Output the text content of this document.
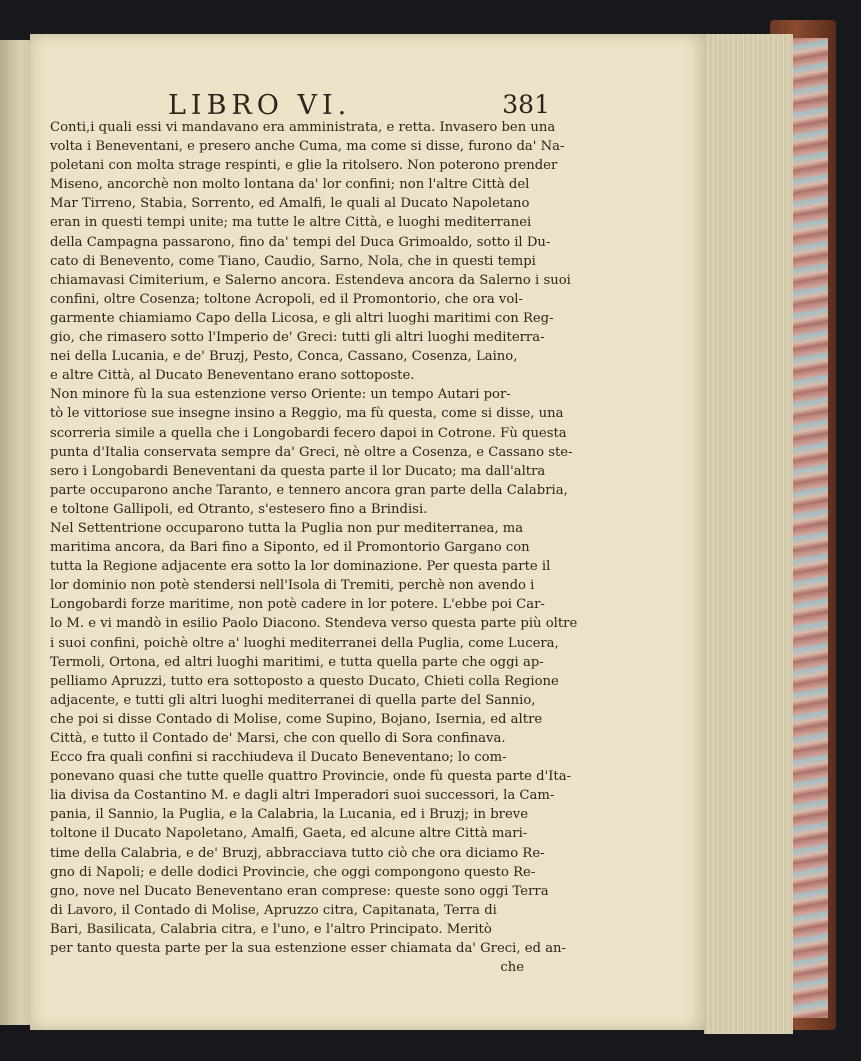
LIBRO VI.	381
Conti,i quali essi vi mandavano era amministrata, e retta. Invasero ben una
volta i Beneventani, e presero anche Cuma, ma come si disse, furono da' Na-
poletani con molta strage respinti, e glie la ritolsero. Non poterono prender
Miseno, ancorchè non molto lontana da' lor confini; non l'altre Città del
Mar Tirreno, Stabia, Sorrento, ed Amalfi, le quali al Ducato Napoletano
eran in questi tempi unite; ma tutte le altre Città, e luoghi mediterranei
della Campagna passarono, fino da' tempi del Duca Grimoaldo, sotto il Du-
cato di Benevento, come Tiano, Caudio, Sarno, Nola, che in questi tempi
chiamavasi Cimiterium, e Salerno ancora. Estendeva ancora da Salerno i suoi
confini, oltre Cosenza; toltone Acropoli, ed il Promontorio, che ora vol-
garmente chiamiamo Capo della Licosa, e gli altri luoghi maritimi con Reg-
gio, che rimasero sotto l'Imperio de' Greci: tutti gli altri luoghi mediterra-
nei della Lucania, e de' Bruzj, Pesto, Conca, Cassano, Cosenza, Laino,
e altre Città, al Ducato Beneventano erano sottoposte.
Non minore fù la sua estenzione verso Oriente: un tempo Autari por-
tò le vittoriose sue insegne insino a Reggio, ma fù questa, come si disse, una
scorreria simile a quella che i Longobardi fecero dapoi in Cotrone. Fù questa
punta d'Italia conservata sempre da' Greci, nè oltre a Cosenza, e Cassano ste-
sero i Longobardi Beneventani da questa parte il lor Ducato; ma dall'altra
parte occuparono anche Taranto, e tennero ancora gran parte della Calabria,
e toltone Gallipoli, ed Otranto, s'estesero fino a Brindisi.
Nel Settentrione occuparono tutta la Puglia non pur mediterranea, ma
maritima ancora, da Bari fino a Siponto, ed il Promontorio Gargano con
tutta la Regione adjacente era sotto la lor dominazione. Per questa parte il
lor dominio non potè stendersi nell'Isola di Tremiti, perchè non avendo i
Longobardi forze maritime, non potè cadere in lor potere. L'ebbe poi Car-
lo M. e vi mandò in esilio Paolo Diacono. Stendeva verso questa parte più oltre
i suoi confini, poichè oltre a' luoghi mediterranei della Puglia, come Lucera,
Termoli, Ortona, ed altri luoghi maritimi, e tutta quella parte che oggi ap-
pelliamo Apruzzi, tutto era sottoposto a questo Ducato, Chieti colla Regione
adjacente, e tutti gli altri luoghi mediterranei di quella parte del Sannio,
che poi si disse Contado di Molise, come Supino, Bojano, Isernia, ed altre
Città, e tutto il Contado de' Marsi, che con quello di Sora confinava.
Ecco fra quali confini si racchiudeva il Ducato Beneventano; lo com-
ponevano quasi che tutte quelle quattro Provincie, onde fù questa parte d'Ita-
lia divisa da Costantino M. e dagli altri Imperadori suoi successori, la Cam-
pania, il Sannio, la Puglia, e la Calabria, la Lucania, ed i Bruzj; in breve
toltone il Ducato Napoletano, Amalfi, Gaeta, ed alcune altre Città mari-
time della Calabria, e de' Bruzj, abbracciava tutto ciò che ora diciamo Re-
gno di Napoli; e delle dodici Provincie, che oggi compongono questo Re-
gno, nove nel Ducato Beneventano eran comprese: queste sono oggi Terra
di Lavoro, il Contado di Molise, Apruzzo citra, Capitanata, Terra di
Bari, Basilicata, Calabria citra, e l'uno, e l'altro Principato. Meritò
per tanto questa parte per la sua estenzione esser chiamata da' Greci, ed an-
che
